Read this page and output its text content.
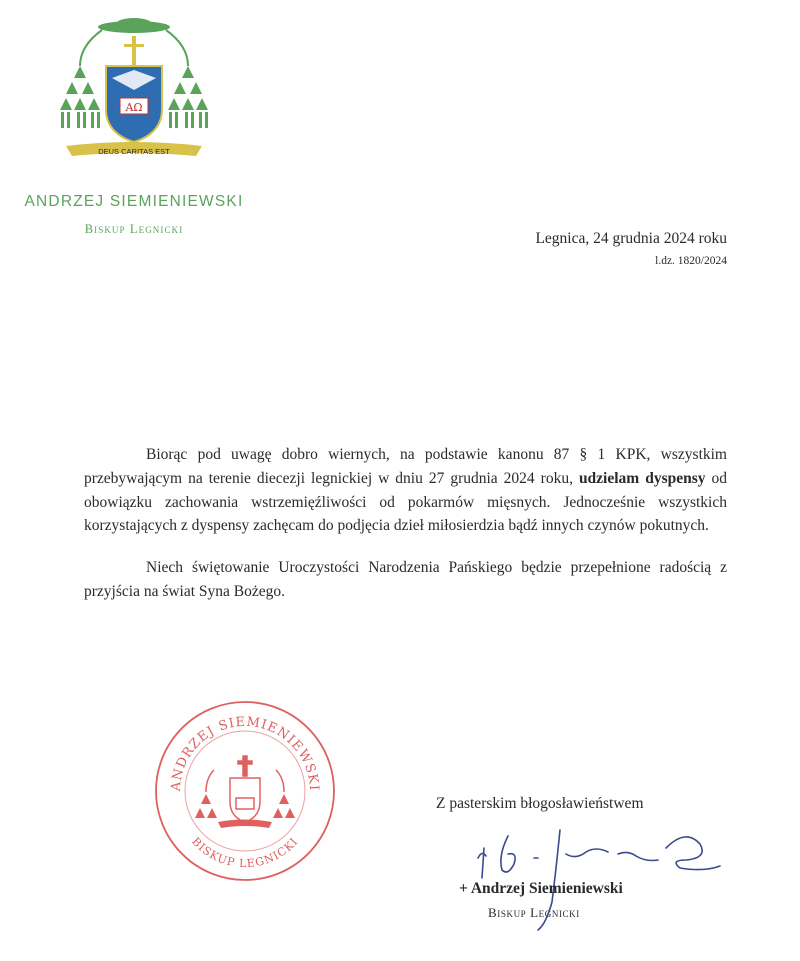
AΩ
DEUS CARITAS EST
ANDRZEJ SIEMIENIEWSKI
Biskup Legnicki
Legnica, 24 grudnia 2024 roku
l.dz. 1820/2024

Biorąc pod uwagę dobro wiernych, na podstawie kanonu 87 § 1 KPK, wszystkim przebywającym na terenie diecezji legnickiej w dniu 27 grudnia 2024 roku, udzielam dyspensy od obowiązku zachowania wstrzemięźliwości od pokarmów mięsnych. Jednocześnie wszystkich korzystających z dyspensy zachęcam do podjęcia dzieł miłosierdzia bądź innych czynów pokutnych.

Niech świętowanie Uroczystości Narodzenia Pańskiego będzie przepełnione radością z przyjścia na świat Syna Bożego.

ANDRZEJ SIEMIENIEWSKI
BISKUP LEGNICKI
Z pasterskim błogosławieństwem
+ Andrzej Siemieniewski
Biskup Legnicki
